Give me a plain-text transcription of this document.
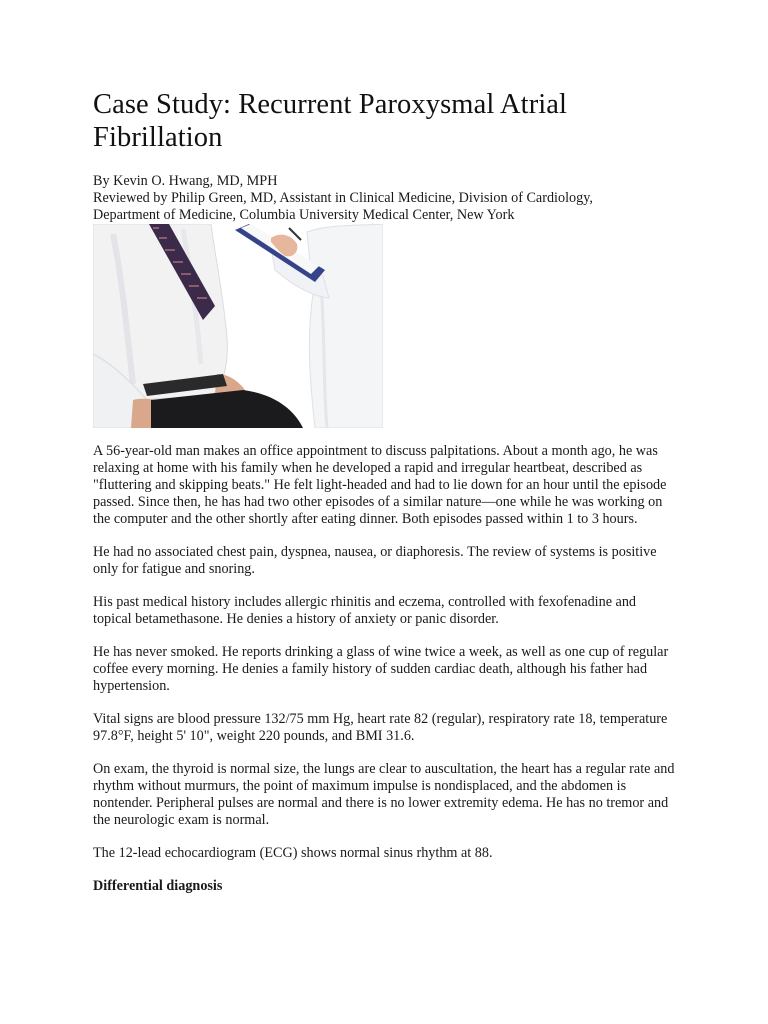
Case Study: Recurrent Paroxysmal Atrial Fibrillation
By Kevin O. Hwang, MD, MPH
Reviewed by Philip Green, MD, Assistant in Clinical Medicine, Division of Cardiology,
Department of Medicine, Columbia University Medical Center, New York

A 56-year-old man makes an office appointment to discuss palpitations. About a month ago, he was relaxing at home with his family when he developed a rapid and irregular heartbeat, described as "fluttering and skipping beats." He felt light-headed and had to lie down for an hour until the episode passed. Since then, he has had two other episodes of a similar nature—one while he was working on the computer and the other shortly after eating dinner. Both episodes passed within 1 to 3 hours.

He had no associated chest pain, dyspnea, nausea, or diaphoresis. The review of systems is positive only for fatigue and snoring.

His past medical history includes allergic rhinitis and eczema, controlled with fexofenadine and topical betamethasone. He denies a history of anxiety or panic disorder.

He has never smoked. He reports drinking a glass of wine twice a week, as well as one cup of regular coffee every morning. He denies a family history of sudden cardiac death, although his father had hypertension.

Vital signs are blood pressure 132/75 mm Hg, heart rate 82 (regular), respiratory rate 18, temperature 97.8°F, height 5' 10", weight 220 pounds, and BMI 31.6.

On exam, the thyroid is normal size, the lungs are clear to auscultation, the heart has a regular rate and rhythm without murmurs, the point of maximum impulse is nondisplaced, and the abdomen is nontender. Peripheral pulses are normal and there is no lower extremity edema. He has no tremor and the neurologic exam is normal.

The 12-lead echocardiogram (ECG) shows normal sinus rhythm at 88.

Differential diagnosis
